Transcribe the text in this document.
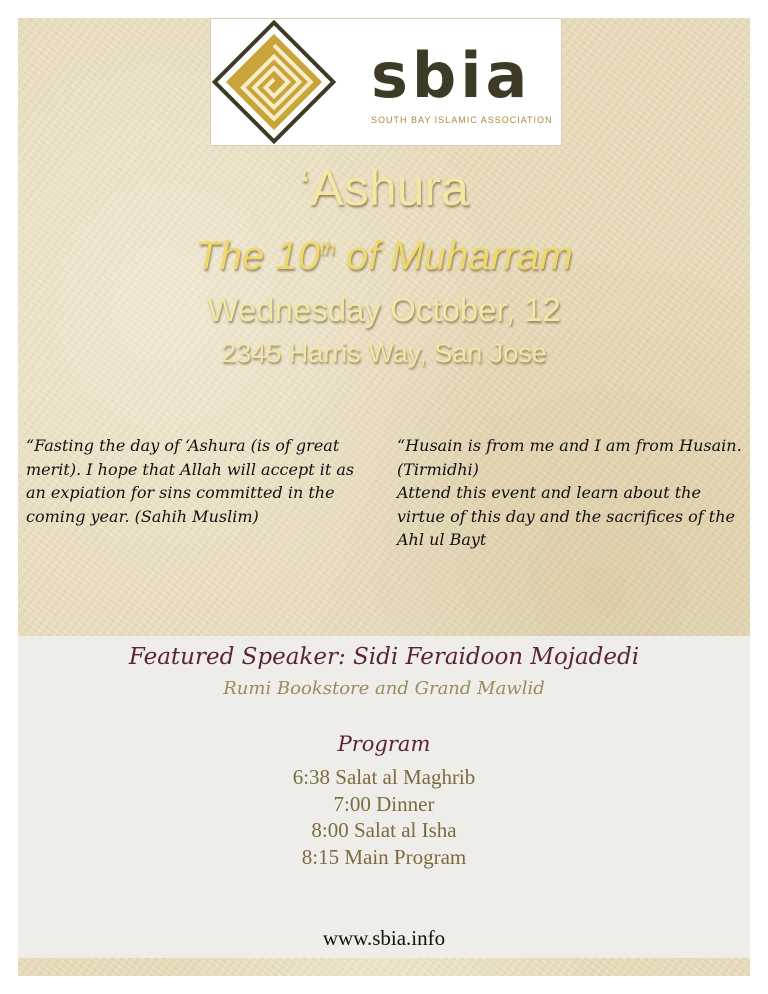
sbia
SOUTH BAY ISLAMIC ASSOCIATION
‘Ashura
The 10th of Muharram
Wednesday October, 12
2345 Harris Way, San Jose
“Fasting the day of ‘Ashura (is of great merit). I hope that Allah will accept it as an expiation for sins committed in the coming year. (Sahih Muslim)
“Husain is from me and I am from Husain. (Tirmidhi)
Attend this event and learn about the virtue of this day and the sacrifices of the Ahl ul Bayt
Featured Speaker: Sidi Feraidoon Mojadedi
Rumi Bookstore and Grand Mawlid
Program
6:38 Salat al Maghrib
7:00 Dinner
8:00 Salat al Isha
8:15 Main Program
www.sbia.info
